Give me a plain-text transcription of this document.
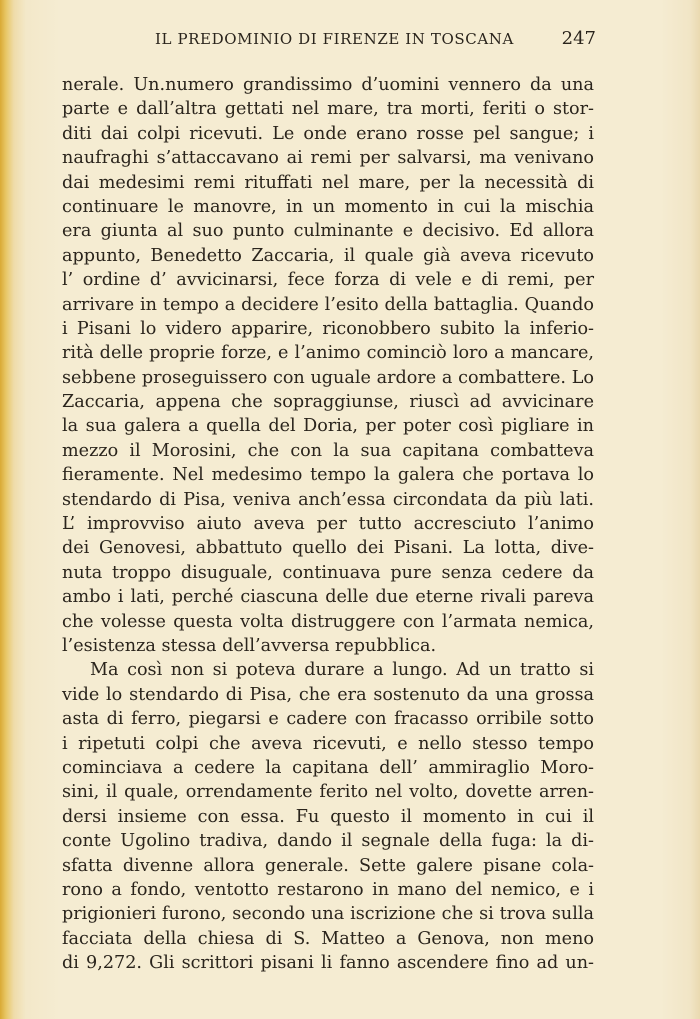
IL PREDOMINIO DI FIRENZE IN TOSCANA	247
nerale. Un.numero grandissimo d’uomini vennero da una
parte e dall’altra gettati nel mare, tra morti, feriti o stor-
diti dai colpi ricevuti. Le onde erano rosse pel sangue; i
naufraghi s’attaccavano ai remi per salvarsi, ma venivano
dai medesimi remi rituffati nel mare, per la necessità di
continuare le manovre, in un momento in cui la mischia
era giunta al suo punto culminante e decisivo. Ed allora
appunto, Benedetto Zaccaria, il quale già aveva ricevuto
l’ ordine d’ avvicinarsi, fece forza di vele e di remi, per
arrivare in tempo a decidere l’esito della battaglia. Quando
i Pisani lo videro apparire, riconobbero subito la inferio-
rità delle proprie forze, e l’animo cominciò loro a mancare,
sebbene proseguissero con uguale ardore a combattere. Lo
Zaccaria, appena che sopraggiunse, riuscì ad avvicinare
la sua galera a quella del Doria, per poter così pigliare in
mezzo il Morosini, che con la sua capitana combatteva
fieramente. Nel medesimo tempo la galera che portava lo
stendardo di Pisa, veniva anch’essa circondata da più lati.
L’ improvviso aiuto aveva per tutto accresciuto l’animo
dei Genovesi, abbattuto quello dei Pisani. La lotta, dive-
nuta troppo disuguale, continuava pure senza cedere da
ambo i lati, perché ciascuna delle due eterne rivali pareva
che volesse questa volta distruggere con l’armata nemica,
l’esistenza stessa dell’avversa repubblica.
Ma così non si poteva durare a lungo. Ad un tratto si
vide lo stendardo di Pisa, che era sostenuto da una grossa
asta di ferro, piegarsi e cadere con fracasso orribile sotto
i ripetuti colpi che aveva ricevuti, e nello stesso tempo
cominciava a cedere la capitana dell’ ammiraglio Moro-
sini, il quale, orrendamente ferito nel volto, dovette arren-
dersi insieme con essa. Fu questo il momento in cui il
conte Ugolino tradiva, dando il segnale della fuga: la di-
sfatta divenne allora generale. Sette galere pisane cola-
rono a fondo, ventotto restarono in mano del nemico, e i
prigionieri furono, secondo una iscrizione che si trova sulla
facciata della chiesa di S. Matteo a Genova, non meno
di 9,272. Gli scrittori pisani li fanno ascendere fino ad un-
